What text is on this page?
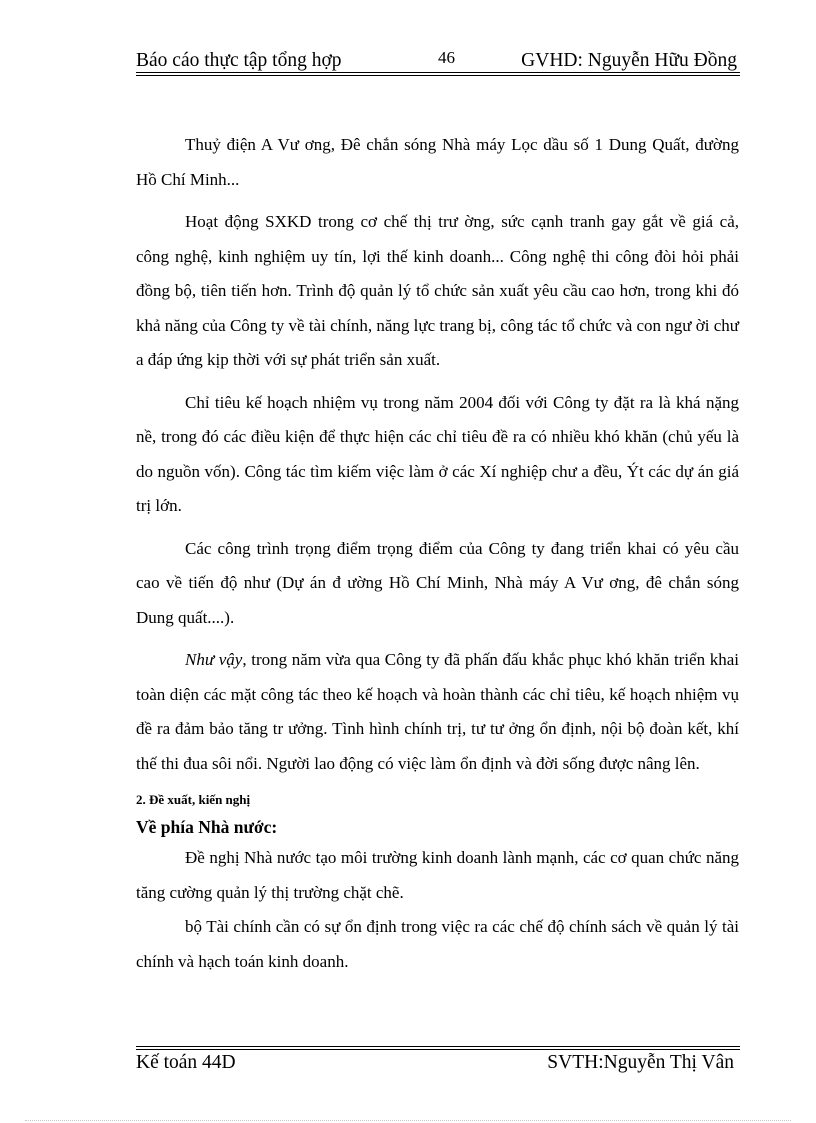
Báo cáo thực tập tổng hợp	46	GVHD: Nguyễn Hữu Đồng

Thuỷ điện A Vư ơng, Đê chắn sóng Nhà máy Lọc dầu số 1 Dung Quất, đường Hồ Chí Minh...

Hoạt động SXKD trong cơ chế thị trư ờng, sức cạnh tranh gay gắt về giá cả, công nghệ, kinh nghiệm uy tín, lợi thế kinh doanh... Công nghệ thi công đòi hỏi phải đồng bộ, tiên tiến hơn. Trình độ quản lý tổ chức sản xuất yêu cầu cao hơn, trong khi đó khả năng của Công ty về tài chính, năng lực trang bị, công tác tổ chức và con ngư ời chư a đáp ứng kịp thời với sự phát triển sản xuất.

Chỉ tiêu kế hoạch nhiệm vụ trong năm 2004 đối với Công ty đặt ra là khá nặng nề, trong đó các điều kiện để thực hiện các chỉ tiêu đề ra có nhiều khó khăn (chủ yếu là do nguồn vốn). Công tác tìm kiếm việc làm ở các Xí nghiệp chư a đều, Ýt các dự án giá trị lớn.

Các công trình trọng điểm trọng điểm của Công ty đang triển khai có yêu cầu cao về tiến độ như (Dự án đ ường Hồ Chí Minh, Nhà máy A Vư ơng, đê chắn sóng Dung quất....).

Như vậy, trong năm vừa qua Công ty đã phấn đấu khắc phục khó khăn triển khai toàn diện các mặt công tác theo kế hoạch và hoàn thành các chỉ tiêu, kế hoạch nhiệm vụ đề ra đảm bảo tăng tr ưởng. Tình hình chính trị, tư tư ởng ổn định, nội bộ đoàn kết, khí thế thi đua sôi nổi. Người lao động có việc làm ổn định và đời sống được nâng lên.

2. Đề xuất, kiến nghị
Về phía Nhà nước:

Đề nghị Nhà nước tạo môi trường kinh doanh lành mạnh, các cơ quan chức năng tăng cường quản lý thị trường chặt chẽ.

bộ Tài chính cần có sự ổn định trong việc ra các chế độ chính sách về quản lý tài chính và hạch toán kinh doanh.

Kế toán 44D	SVTH:Nguyễn Thị Vân
